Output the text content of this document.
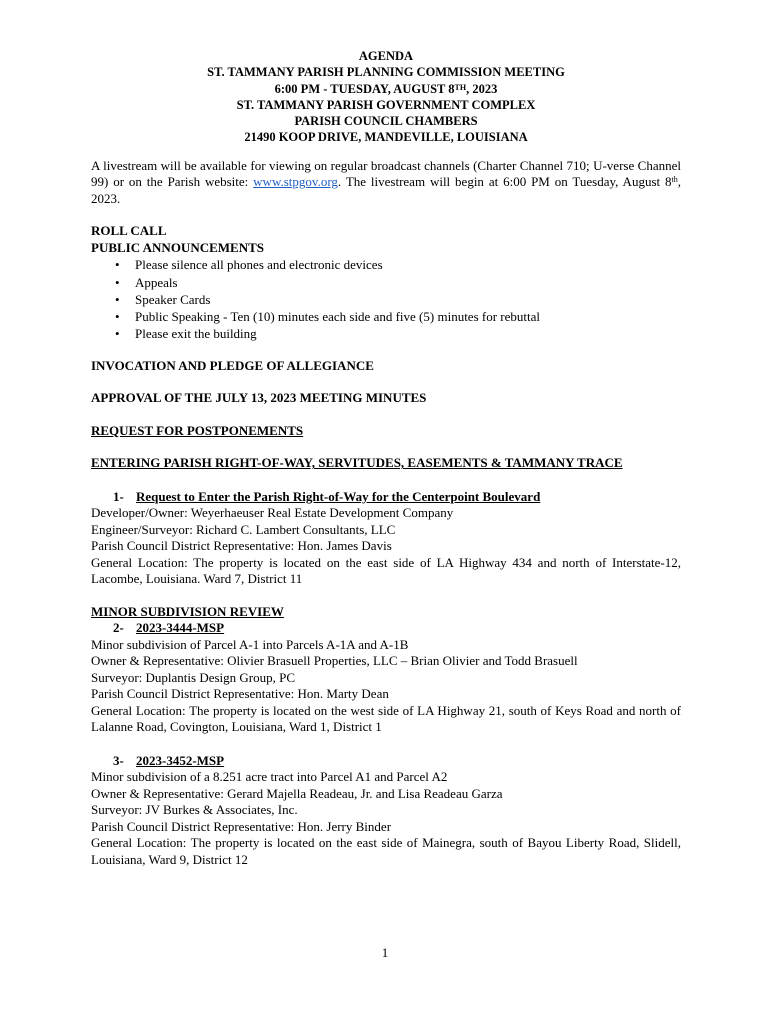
AGENDA
ST. TAMMANY PARISH PLANNING COMMISSION MEETING
6:00 PM - TUESDAY, AUGUST 8TH, 2023
ST. TAMMANY PARISH GOVERNMENT COMPLEX
PARISH COUNCIL CHAMBERS
21490 KOOP DRIVE, MANDEVILLE, LOUISIANA

A livestream will be available for viewing on regular broadcast channels (Charter Channel 710; U-verse Channel 99) or on the Parish website: www.stpgov.org. The livestream will begin at 6:00 PM on Tuesday, August 8th, 2023.

ROLL CALL

PUBLIC ANNOUNCEMENTS

• Please silence all phones and electronic devices
• Appeals
• Speaker Cards
• Public Speaking - Ten (10) minutes each side and five (5) minutes for rebuttal
• Please exit the building

INVOCATION AND PLEDGE OF ALLEGIANCE

APPROVAL OF THE JULY 13, 2023 MEETING MINUTES

REQUEST FOR POSTPONEMENTS

ENTERING PARISH RIGHT-OF-WAY, SERVITUDES, EASEMENTS & TAMMANY TRACE

1- Request to Enter the Parish Right-of-Way for the Centerpoint Boulevard

Developer/Owner: Weyerhaeuser Real Estate Development Company

Engineer/Surveyor: Richard C. Lambert Consultants, LLC

Parish Council District Representative: Hon. James Davis

General Location: The property is located on the east side of LA Highway 434 and north of Interstate-12, Lacombe, Louisiana. Ward 7, District 11

MINOR SUBDIVISION REVIEW

2- 2023-3444-MSP

Minor subdivision of Parcel A-1 into Parcels A-1A and A-1B

Owner & Representative: Olivier Brasuell Properties, LLC – Brian Olivier and Todd Brasuell

Surveyor: Duplantis Design Group, PC

Parish Council District Representative: Hon. Marty Dean

General Location: The property is located on the west side of LA Highway 21, south of Keys Road and north of Lalanne Road, Covington, Louisiana, Ward 1, District 1

3- 2023-3452-MSP

Minor subdivision of a 8.251 acre tract into Parcel A1 and Parcel A2

Owner & Representative: Gerard Majella Readeau, Jr. and Lisa Readeau Garza

Surveyor: JV Burkes & Associates, Inc.

Parish Council District Representative: Hon. Jerry Binder

General Location: The property is located on the east side of Mainegra, south of Bayou Liberty Road, Slidell, Louisiana, Ward 9, District 12

1
